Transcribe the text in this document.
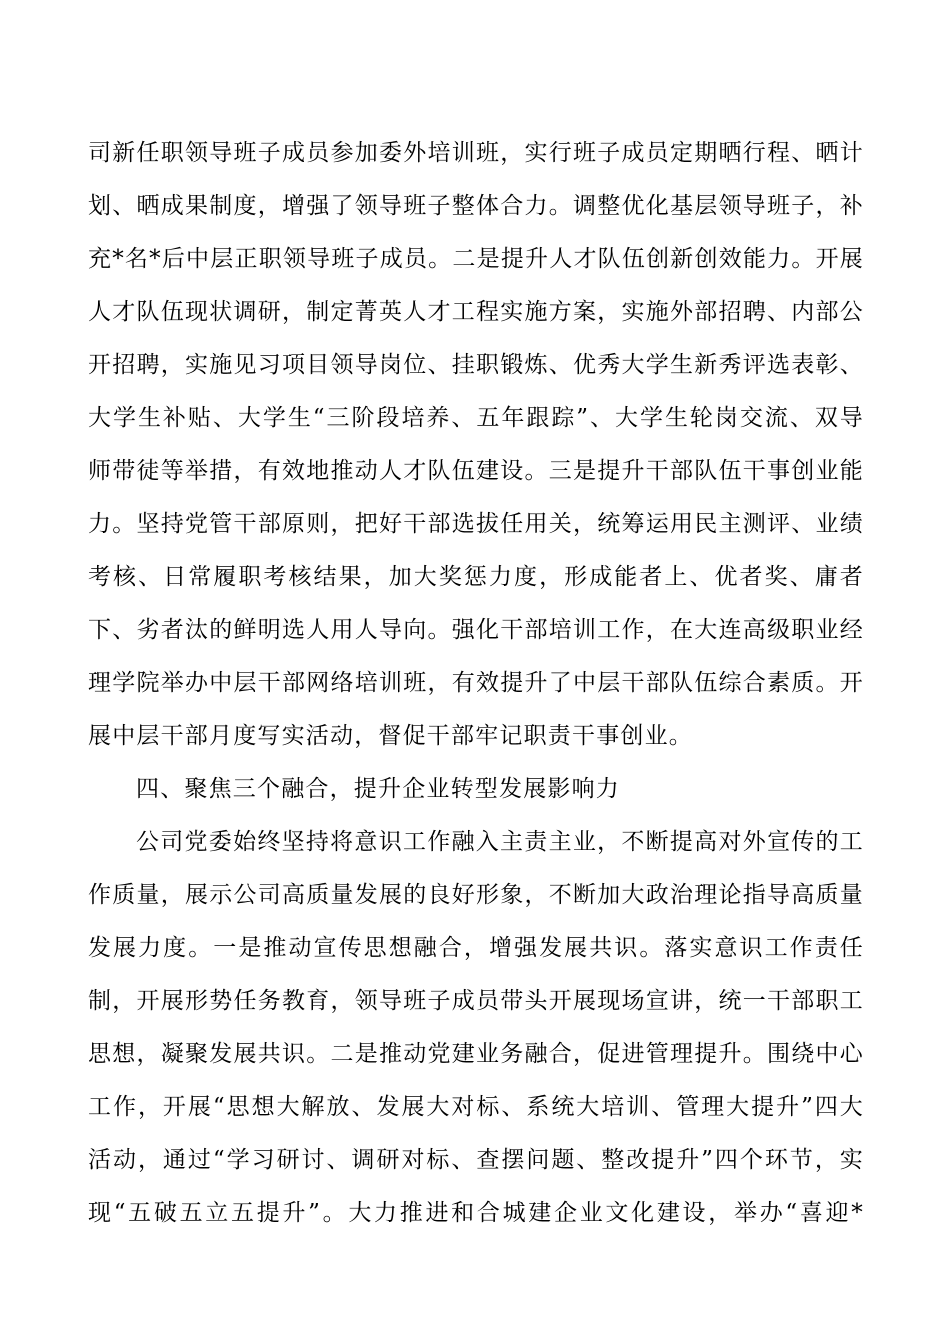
司新任职领导班子成员参加委外培训班，实行班子成员定期晒行程、晒计
划、晒成果制度，增强了领导班子整体合力。调整优化基层领导班子，补
充*名*后中层正职领导班子成员。二是提升人才队伍创新创效能力。开展
人才队伍现状调研，制定菁英人才工程实施方案，实施外部招聘、内部公
开招聘，实施见习项目领导岗位、挂职锻炼、优秀大学生新秀评选表彰、
大学生补贴、大学生“三阶段培养、五年跟踪”、大学生轮岗交流、双导
师带徒等举措，有效地推动人才队伍建设。三是提升干部队伍干事创业能
力。坚持党管干部原则，把好干部选拔任用关，统筹运用民主测评、业绩
考核、日常履职考核结果，加大奖惩力度，形成能者上、优者奖、庸者
下、劣者汰的鲜明选人用人导向。强化干部培训工作，在大连高级职业经
理学院举办中层干部网络培训班，有效提升了中层干部队伍综合素质。开
展中层干部月度写实活动，督促干部牢记职责干事创业。
四、聚焦三个融合，提升企业转型发展影响力
公司党委始终坚持将意识工作融入主责主业，不断提高对外宣传的工
作质量，展示公司高质量发展的良好形象，不断加大政治理论指导高质量
发展力度。一是推动宣传思想融合，增强发展共识。落实意识工作责任
制，开展形势任务教育，领导班子成员带头开展现场宣讲，统一干部职工
思想，凝聚发展共识。二是推动党建业务融合，促进管理提升。围绕中心
工作，开展“思想大解放、发展大对标、系统大培训、管理大提升”四大
活动，通过“学习研讨、调研对标、查摆问题、整改提升”四个环节，实
现“五破五立五提升”。大力推进和合城建企业文化建设，举办“喜迎*
